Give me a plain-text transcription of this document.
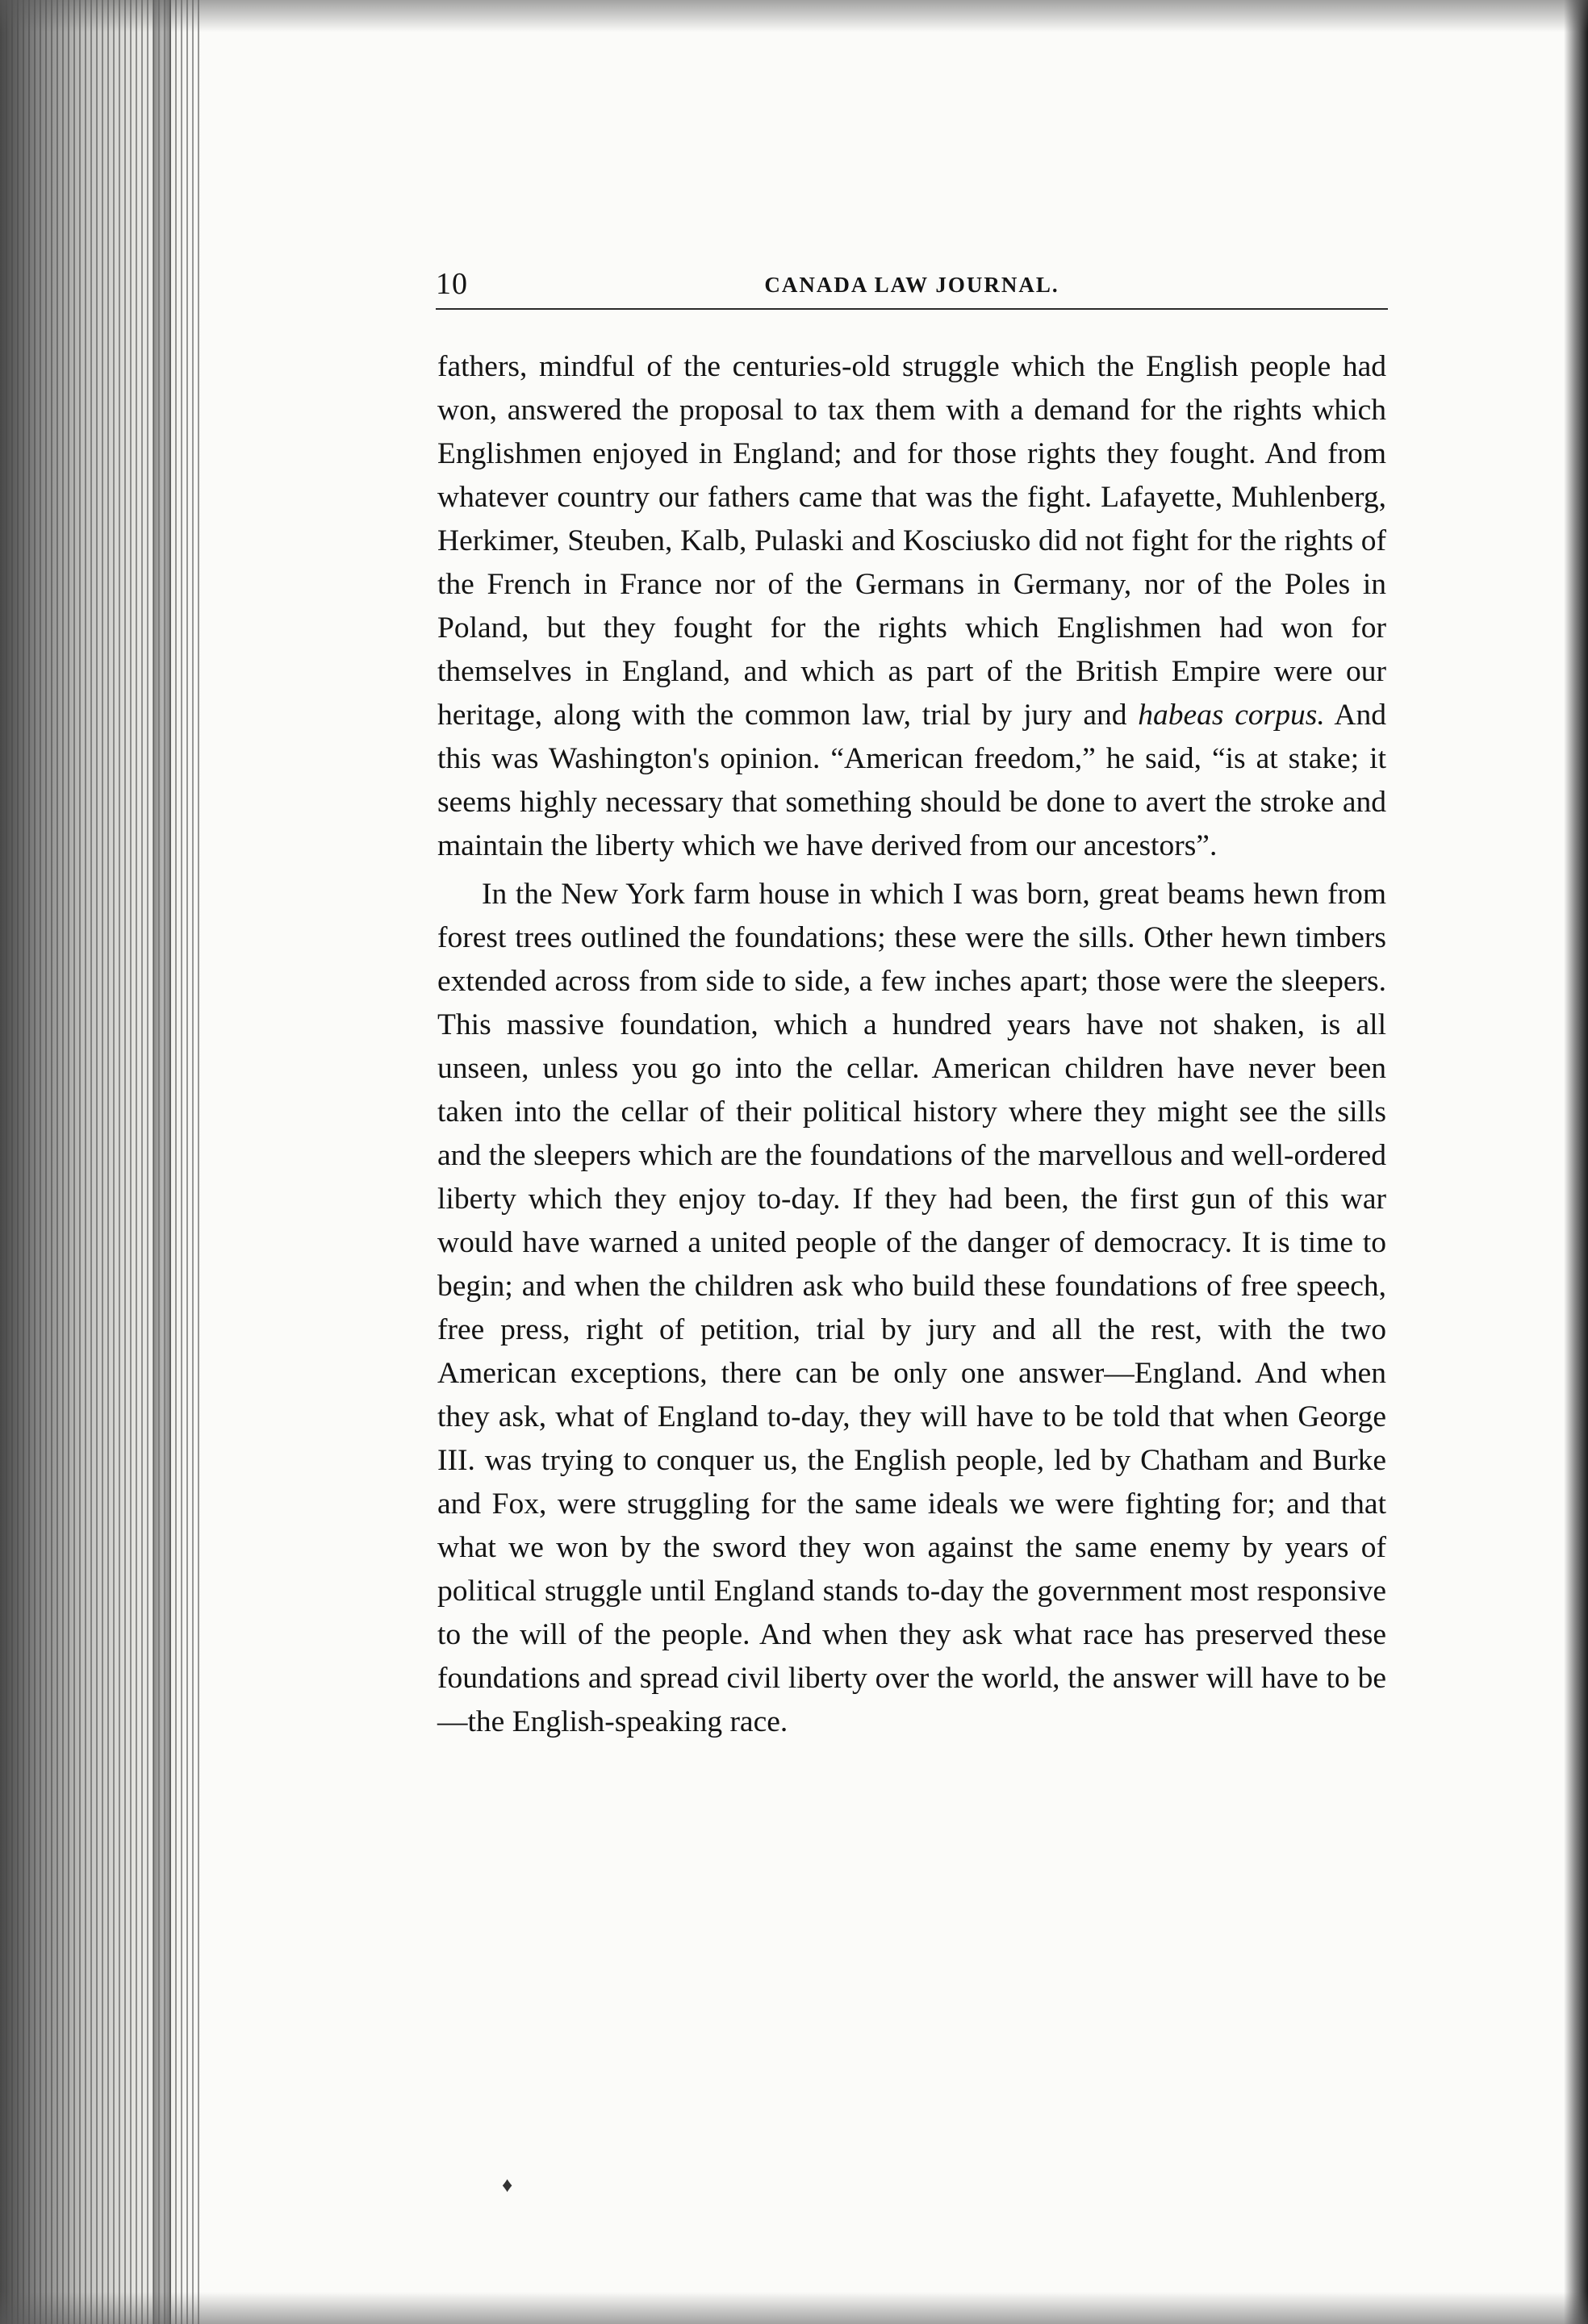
10	CANADA LAW JOURNAL.

fathers, mindful of the centuries-old struggle which the English people had won, answered the proposal to tax them with a demand for the rights which Englishmen enjoyed in England; and for those rights they fought. And from whatever country our fathers came that was the fight. Lafayette, Muhlenberg, Herkimer, Steuben, Kalb, Pulaski and Kosciusko did not fight for the rights of the French in France nor of the Germans in Germany, nor of the Poles in Poland, but they fought for the rights which Englishmen had won for themselves in England, and which as part of the British Empire were our heritage, along with the common law, trial by jury and habeas corpus. And this was Washington's opinion. “American freedom,” he said, “is at stake; it seems highly necessary that something should be done to avert the stroke and maintain the liberty which we have derived from our ancestors”.

In the New York farm house in which I was born, great beams hewn from forest trees outlined the foundations; these were the sills. Other hewn timbers extended across from side to side, a few inches apart; those were the sleepers. This massive foundation, which a hundred years have not shaken, is all unseen, unless you go into the cellar. American children have never been taken into the cellar of their political history where they might see the sills and the sleepers which are the foundations of the marvellous and well-ordered liberty which they enjoy to-day. If they had been, the first gun of this war would have warned a united people of the danger of democracy. It is time to begin; and when the children ask who build these foundations of free speech, free press, right of petition, trial by jury and all the rest, with the two American exceptions, there can be only one answer—England. And when they ask, what of England to-day, they will have to be told that when George III. was trying to conquer us, the English people, led by Chatham and Burke and Fox, were struggling for the same ideals we were fighting for; and that what we won by the sword they won against the same enemy by years of political struggle until England stands to-day the government most responsive to the will of the people. And when they ask what race has preserved these foundations and spread civil liberty over the world, the answer will have to be—the English-speaking race.

♦
